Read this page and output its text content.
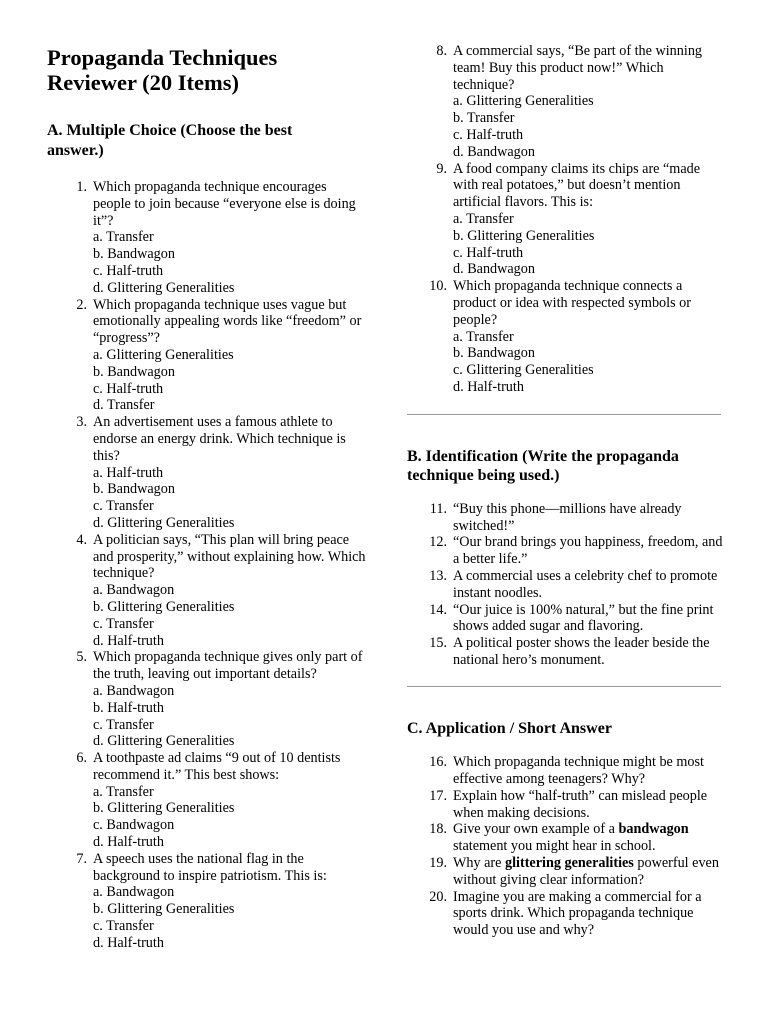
Propaganda Techniques
Reviewer (20 Items)
A. Multiple Choice (Choose the best
answer.)
1. Which propaganda technique encourages people to join because “everyone else is doing it”?
a. Transfer
b. Bandwagon
c. Half-truth
d. Glittering Generalities
2. Which propaganda technique uses vague but emotionally appealing words like “freedom” or “progress”?
a. Glittering Generalities
b. Bandwagon
c. Half-truth
d. Transfer
3. An advertisement uses a famous athlete to endorse an energy drink. Which technique is this?
a. Half-truth
b. Bandwagon
c. Transfer
d. Glittering Generalities
4. A politician says, “This plan will bring peace and prosperity,” without explaining how. Which technique?
a. Bandwagon
b. Glittering Generalities
c. Transfer
d. Half-truth
5. Which propaganda technique gives only part of the truth, leaving out important details?
a. Bandwagon
b. Half-truth
c. Transfer
d. Glittering Generalities
6. A toothpaste ad claims “9 out of 10 dentists recommend it.” This best shows:
a. Transfer
b. Glittering Generalities
c. Bandwagon
d. Half-truth
7. A speech uses the national flag in the background to inspire patriotism. This is:
a. Bandwagon
b. Glittering Generalities
c. Transfer
d. Half-truth
8. A commercial says, “Be part of the winning team! Buy this product now!” Which technique?
a. Glittering Generalities
b. Transfer
c. Half-truth
d. Bandwagon
9. A food company claims its chips are “made with real potatoes,” but doesn’t mention artificial flavors. This is:
a. Transfer
b. Glittering Generalities
c. Half-truth
d. Bandwagon
10. Which propaganda technique connects a product or idea with respected symbols or people?
a. Transfer
b. Bandwagon
c. Glittering Generalities
d. Half-truth
B. Identification (Write the propaganda
technique being used.)
11. “Buy this phone—millions have already switched!”
12. “Our brand brings you happiness, freedom, and a better life.”
13. A commercial uses a celebrity chef to promote instant noodles.
14. “Our juice is 100% natural,” but the fine print shows added sugar and flavoring.
15. A political poster shows the leader beside the national hero’s monument.
C. Application / Short Answer
16. Which propaganda technique might be most effective among teenagers? Why?
17. Explain how “half-truth” can mislead people when making decisions.
18. Give your own example of a bandwagon statement you might hear in school.
19. Why are glittering generalities powerful even without giving clear information?
20. Imagine you are making a commercial for a sports drink. Which propaganda technique would you use and why?
